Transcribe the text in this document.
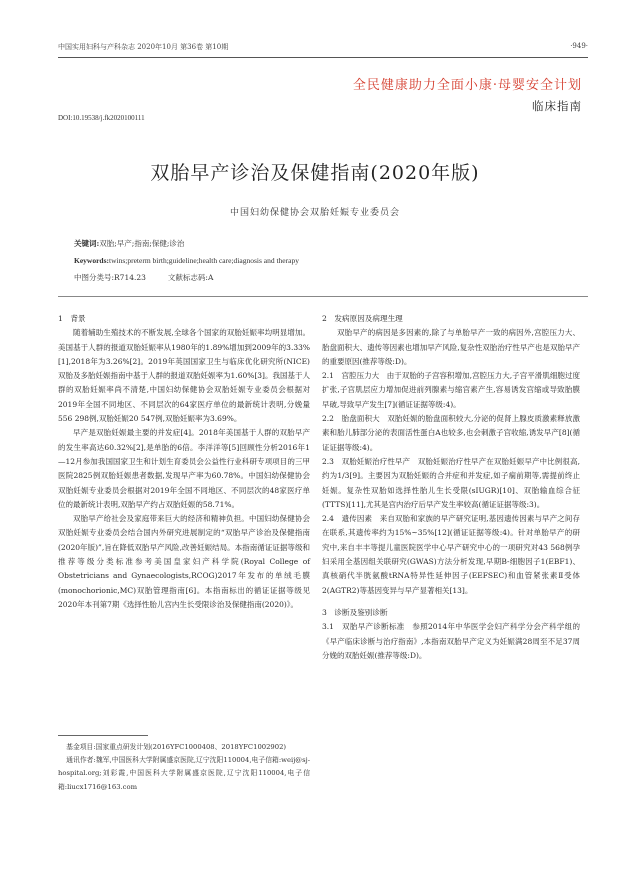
中国实用妇科与产科杂志 2020年10月 第36卷 第10期	·949·
全民健康助力全面小康·母婴安全计划
临床指南
DOI:10.19538/j.fk2020100111
双胎早产诊治及保健指南(2020年版)
中国妇幼保健协会双胎妊娠专业委员会
关键词:双胎;早产;指南;保健;诊治
Keywords:twins;preterm birth;guideline;health care;diagnosis and therapy
中图分类号:R714.23	文献标志码:A
1　背景

随着辅助生殖技术的不断发展,全球各个国家的双胎妊娠率均明显增加。美国基于人群的报道双胎妊娠率从1980年的1.89%增加到2009年的3.33%[1],2018年为3.26%[2]。2019年英国国家卫生与临床优化研究所(NICE)双胎及多胎妊娠指南中基于人群的报道双胎妊娠率为1.60%[3]。我国基于人群的双胎妊娠率尚不清楚,中国妇幼保健协会双胎妊娠专业委员会根据对2019年全国不同地区、不同层次的64家医疗单位的最新统计表明,分娩量556 298例,双胎妊娠20 547例,双胎妊娠率为3.69%。

早产是双胎妊娠最主要的并发症[4]。2018年美国基于人群的双胎早产的发生率高达60.32%[2],是单胎的6倍。李洋洋等[5]回顾性分析2016年1—12月参加我国国家卫生和计划生育委员会公益性行业科研专项项目的三甲医院2825例双胎妊娠患者数据,发现早产率为60.78%。中国妇幼保健协会双胎妊娠专业委员会根据对2019年全国不同地区、不同层次的48家医疗单位的最新统计表明,双胎早产约占双胎妊娠的58.71%。

双胎早产给社会及家庭带来巨大的经济和精神负担。中国妇幼保健协会双胎妊娠专业委员会结合国内外研究进展制定的“双胎早产诊治及保健指南(2020年版)”,旨在降低双胎早产风险,改善妊娠结局。本指南循证证据等级和推荐等级分类标准参考美国皇家妇产科学院(Royal College of Obstetricians and Gynaecologists,RCOG)2017年发布的单绒毛膜(monochorionic,MC)双胎管理指南[6]。本指南标出的循证证据等级见2020年本刊第7期《选择性胎儿宫内生长受限诊治及保健指南(2020)》。

基金项目:国家重点研发计划(2016YFC1000408、2018YFC1002902)

通讯作者:魏军,中国医科大学附属盛京医院,辽宁沈阳110004,电子信箱:weij@sj-hospital.org;刘彩霞,中国医科大学附属盛京医院,辽宁沈阳110004,电子信箱:liucx1716@163.com

2　发病原因及病理生理

双胎早产的病因是多因素的,除了与单胎早产一致的病因外,宫腔压力大、胎盘面积大、遗传等因素也增加早产风险,复杂性双胎治疗性早产也是双胎早产的重要原因(推荐等级:D)。

2.1　宫腔压力大　由于双胎的子宫容积增加,宫腔压力大,子宫平滑肌细胞过度扩张,子宫肌层应力增加促进前列腺素与缩宫素产生,容易诱发宫缩或导致胎膜早破,导致早产发生[7](循证证据等级:4)。

2.2　胎盘面积大　双胎妊娠的胎盘面积较大,分泌的促肾上腺皮质激素释放激素和胎儿肺部分泌的表面活性蛋白A也较多,也会刺激子宫收缩,诱发早产[8](循证证据等级:4)。

2.3　双胎妊娠治疗性早产　双胎妊娠治疗性早产在双胎妊娠早产中比例很高,约为1/3[9]。主要因为双胎妊娠的合并症和并发症,如子痫前期等,需提前终止妊娠。复杂性双胎如选择性胎儿生长受限(sIUGR)[10]、双胎输血综合征(TTTS)[11],尤其是宫内治疗后早产发生率较高(循证证据等级:3)。

2.4　遗传因素　来自双胎和家族的早产研究证明,基因遗传因素与早产之间存在联系,其遗传率约为15%~35%[12](循证证据等级:4)。针对单胎早产的研究中,来自丰丰等提儿童医院医学中心早产研究中心的一项研究对43 568例孕妇采用全基因组关联研究(GWAS)方法分析发现,早期B-细胞因子1(EBF1)、真核硝代半胱氨酸tRNA特异性延伸因子(EEFSEC)和血管紧张素Ⅱ受体2(AGTR2)等基因变异与早产显著相关[13]。

3　诊断及鉴别诊断

3.1　双胎早产诊断标准　参照2014年中华医学会妇产科学分会产科学组的《早产临床诊断与治疗指南》,本指南双胎早产定义为妊娠满28周至不足37周分娩的双胎妊娠(推荐等级:D)。
